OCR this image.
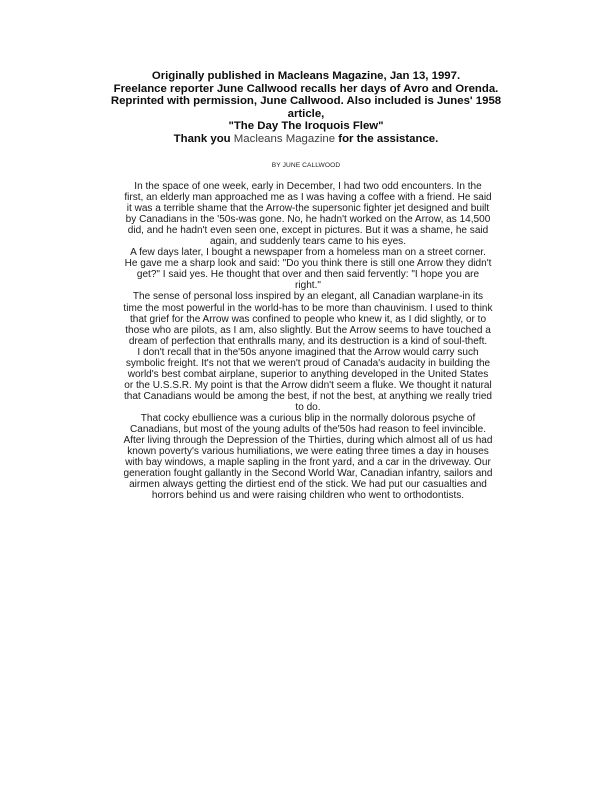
Originally published in Macleans Magazine, Jan 13, 1997.
Freelance reporter June Callwood recalls her days of Avro and Orenda.
Reprinted with permission, June Callwood. Also included is Junes' 1958
article,
"The Day The Iroquois Flew"
Thank you Macleans Magazine for the assistance.
BY JUNE CALLWOOD
In the space of one week, early in December, I had two odd encounters. In the
first, an elderly man approached me as I was having a coffee with a friend. He said
it was a terrible shame that the Arrow-the supersonic fighter jet designed and built
by Canadians in the '50s-was gone. No, he hadn't worked on the Arrow, as 14,500
did, and he hadn't even seen one, except in pictures. But it was a shame, he said
again, and suddenly tears came to his eyes.
A few days later, I bought a newspaper from a homeless man on a street corner.
He gave me a sharp look and said: "Do you think there is still one Arrow they didn't
get?" I said yes. He thought that over and then said fervently: "I hope you are
right."
The sense of personal loss inspired by an elegant, all Canadian warplane-in its
time the most powerful in the world-has to be more than chauvinism. I used to think
that grief for the Arrow was confined to people who knew it, as I did slightly, or to
those who are pilots, as I am, also slightly. But the Arrow seems to have touched a
dream of perfection that enthralls many, and its destruction is a kind of soul-theft.
I don't recall that in the'50s anyone imagined that the Arrow would carry such
symbolic freight. It's not that we weren't proud of Canada's audacity in building the
world's best combat airplane, superior to anything developed in the United States
or the U.S.S.R. My point is that the Arrow didn't seem a fluke. We thought it natural
that Canadians would be among the best, if not the best, at anything we really tried
to do.
That cocky ebullience was a curious blip in the normally dolorous psyche of
Canadians, but most of the young adults of the'50s had reason to feel invincible.
After living through the Depression of the Thirties, during which almost all of us had
known poverty's various humiliations, we were eating three times a day in houses
with bay windows, a maple sapling in the front yard, and a car in the driveway. Our
generation fought gallantly in the Second World War, Canadian infantry, sailors and
airmen always getting the dirtiest end of the stick. We had put our casualties and
horrors behind us and were raising children who went to orthodontists.
